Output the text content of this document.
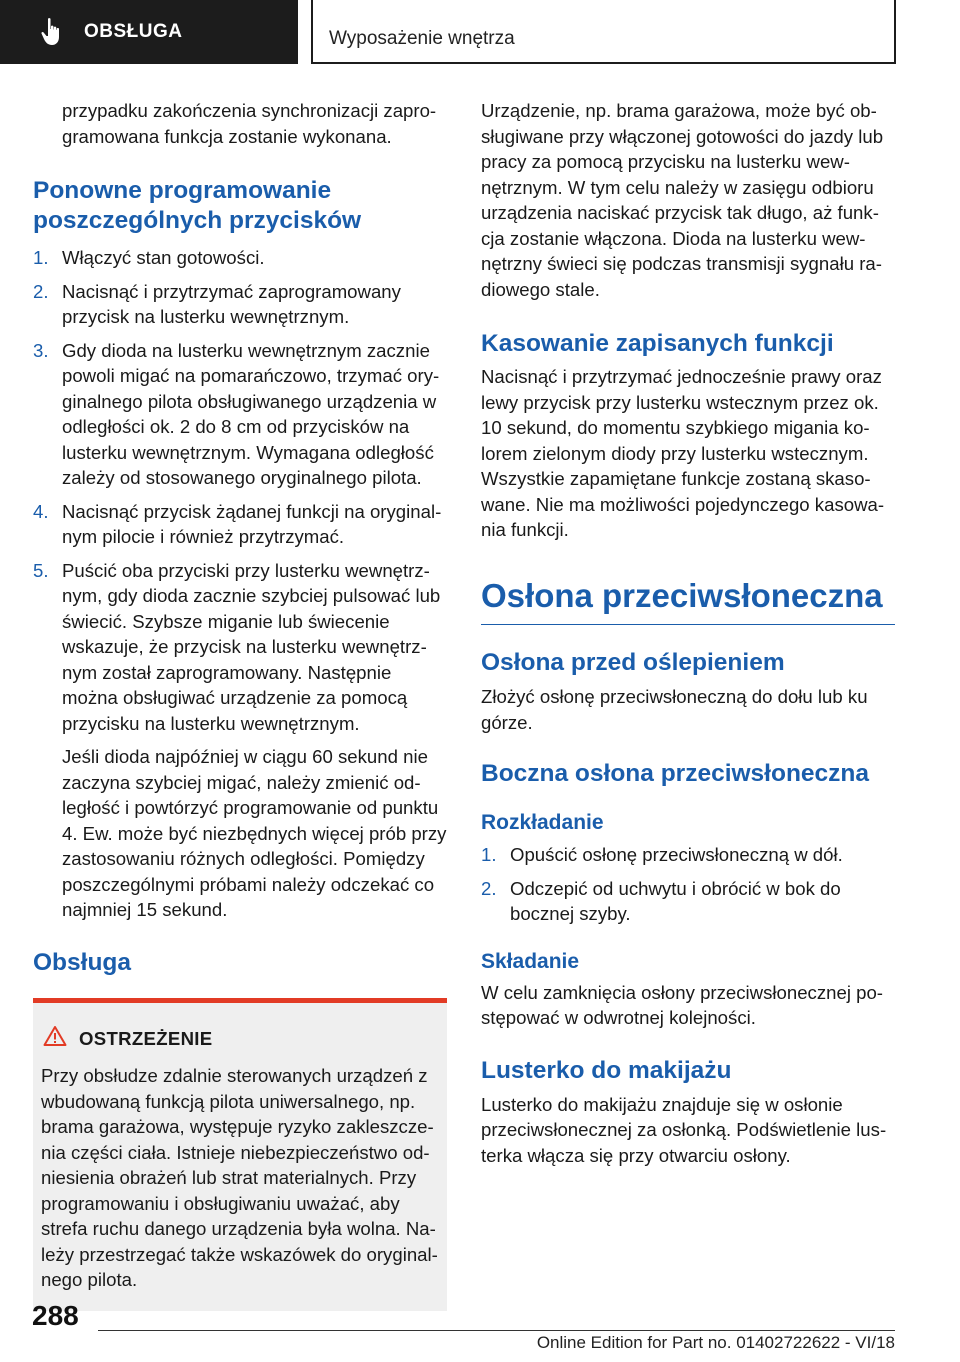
OBSŁUGA	Wyposażenie wnętrza

przypadku zakończenia synchronizacji zapro-gramowana funkcja zostanie wykonana.

Ponowne programowanie poszczególnych przycisków
1. Włączyć stan gotowości.
2. Nacisnąć i przytrzymać zaprogramowany przycisk na lusterku wewnętrznym.
3. Gdy dioda na lusterku wewnętrznym zacznie powoli migać na pomarańczowo, trzymać ory-ginalnego pilota obsługiwanego urządzenia w odległości ok. 2 do 8 cm od przycisków na lusterku wewnętrznym. Wymagana odległość zależy od stosowanego oryginalnego pilota.
4. Nacisnąć przycisk żądanej funkcji na oryginal-nym pilocie i również przytrzymać.
5. Puścić oba przyciski przy lusterku wewnętrz-nym, gdy dioda zacznie szybciej pulsować lub świecić. Szybsze miganie lub świecenie wskazuje, że przycisk na lusterku wewnętrz-nym został zaprogramowany. Następnie można obsługiwać urządzenie za pomocą przycisku na lusterku wewnętrznym.

Jeśli dioda najpóźniej w ciągu 60 sekund nie zaczyna szybciej migać, należy zmienić od-ległość i powtórzyć programowanie od punktu 4. Ew. może być niezbędnych więcej prób przy zastosowaniu różnych odległości. Pomiędzy poszczególnymi próbami należy odczekać co najmniej 15 sekund.

Obsługa
OSTRZEŻENIE

Przy obsłudze zdalnie sterowanych urządzeń z wbudowaną funkcją pilota uniwersalnego, np. brama garażowa, występuje ryzyko zakleszcze-nia części ciała. Istnieje niebezpieczeństwo od-niesienia obrażeń lub strat materialnych. Przy programowaniu i obsługiwaniu uważać, aby strefa ruchu danego urządzenia była wolna. Na-leży przestrzegać także wskazówek do oryginal-nego pilota.

Urządzenie, np. brama garażowa, może być ob-sługiwane przy włączonej gotowości do jazdy lub pracy za pomocą przycisku na lusterku wew-nętrznym. W tym celu należy w zasięgu odbioru urządzenia naciskać przycisk tak długo, aż funk-cja zostanie włączona. Dioda na lusterku wew-nętrzny świeci się podczas transmisji sygnału ra-diowego stale.

Kasowanie zapisanych funkcji

Nacisnąć i przytrzymać jednocześnie prawy oraz lewy przycisk przy lusterku wstecznym przez ok. 10 sekund, do momentu szybkiego migania ko-lorem zielonym diody przy lusterku wstecznym. Wszystkie zapamiętane funkcje zostaną skaso-wane. Nie ma możliwości pojedynczego kasowa-nia funkcji.

Osłona przeciwsłoneczna
Osłona przed oślepieniem

Złożyć osłonę przeciwsłoneczną do dołu lub ku górze.

Boczna osłona przeciwsłoneczna
Rozkładanie
1. Opuścić osłonę przeciwsłoneczną w dół.
2. Odczepić od uchwytu i obrócić w bok do bocznej szyby.
Składanie

W celu zamknięcia osłony przeciwsłonecznej po-stępować w odwrotnej kolejności.

Lusterko do makijażu

Lusterko do makijażu znajduje się w osłonie przeciwsłonecznej za osłonką. Podświetlenie lus-terka włącza się przy otwarciu osłony.

288
Online Edition for Part no. 01402722622 - VI/18
